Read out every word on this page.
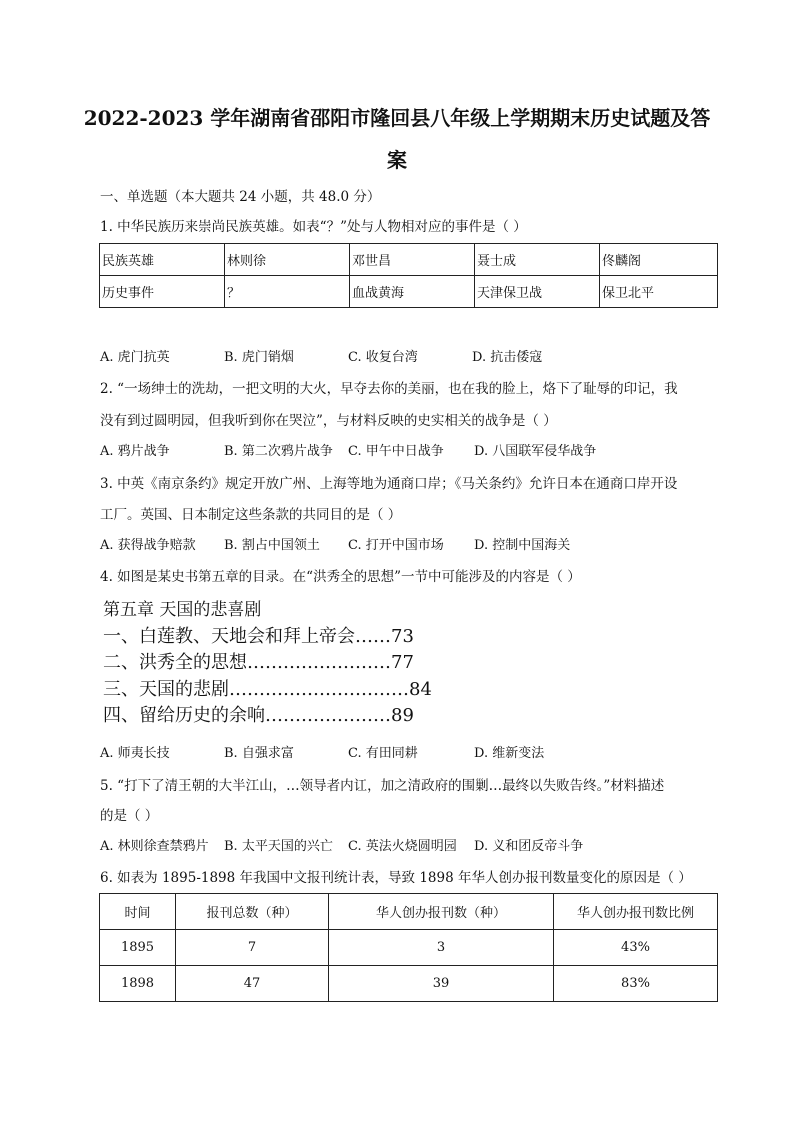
2022-2023 学年湖南省邵阳市隆回县八年级上学期期末历史试题及答
案
一、单选题（本大题共 24 小题，共 48.0 分）
1. 中华民族历来崇尚民族英雄。如表“？”处与人物相对应的事件是（ ）
民族英雄	林则徐	邓世昌	聂士成	佟麟阁
历史事件	？	血战黄海	天津保卫战	保卫北平
A. 虎门抗英	B. 虎门销烟	C. 收复台湾	D. 抗击倭寇
2. “一场绅士的洗劫，一把文明的大火，早夺去你的美丽，也在我的脸上，烙下了耻辱的印记，我
没有到过圆明园，但我听到你在哭泣”，与材料反映的史实相关的战争是（ ）
A. 鸦片战争	B. 第二次鸦片战争 C. 甲午中日战争 D. 八国联军侵华战争
3. 中英《南京条约》规定开放广州、上海等地为通商口岸；《马关条约》允许日本在通商口岸开设
工厂。英国、日本制定这些条款的共同目的是（ ）
A. 获得战争赔款 B. 割占中国领土 C. 打开中国市场 D. 控制中国海关
4. 如图是某史书第五章的目录。在“洪秀全的思想”一节中可能涉及的内容是（ ）
第五章 天国的悲喜剧
一、白莲教、天地会和拜上帝会……73
二、洪秀全的思想……………………77
三、天国的悲剧…………………………84
四、留给历史的余响…………………89
A. 师夷长技	B. 自强求富	C. 有田同耕	D. 维新变法
5. “打下了清王朝的大半江山，…领导者内讧，加之清政府的围剿…最终以失败告终。”材料描述
的是（ ）
A. 林则徐查禁鸦片 B. 太平天国的兴亡 C. 英法火烧圆明园 D. 义和团反帝斗争
6. 如表为 1895-1898 年我国中文报刊统计表，导致 1898 年华人创办报刊数量变化的原因是（ ）
时间	报刊总数（种）	华人创办报刊数（种）	华人创办报刊数比例
1895	7	3	43%
1898	47	39	83%
